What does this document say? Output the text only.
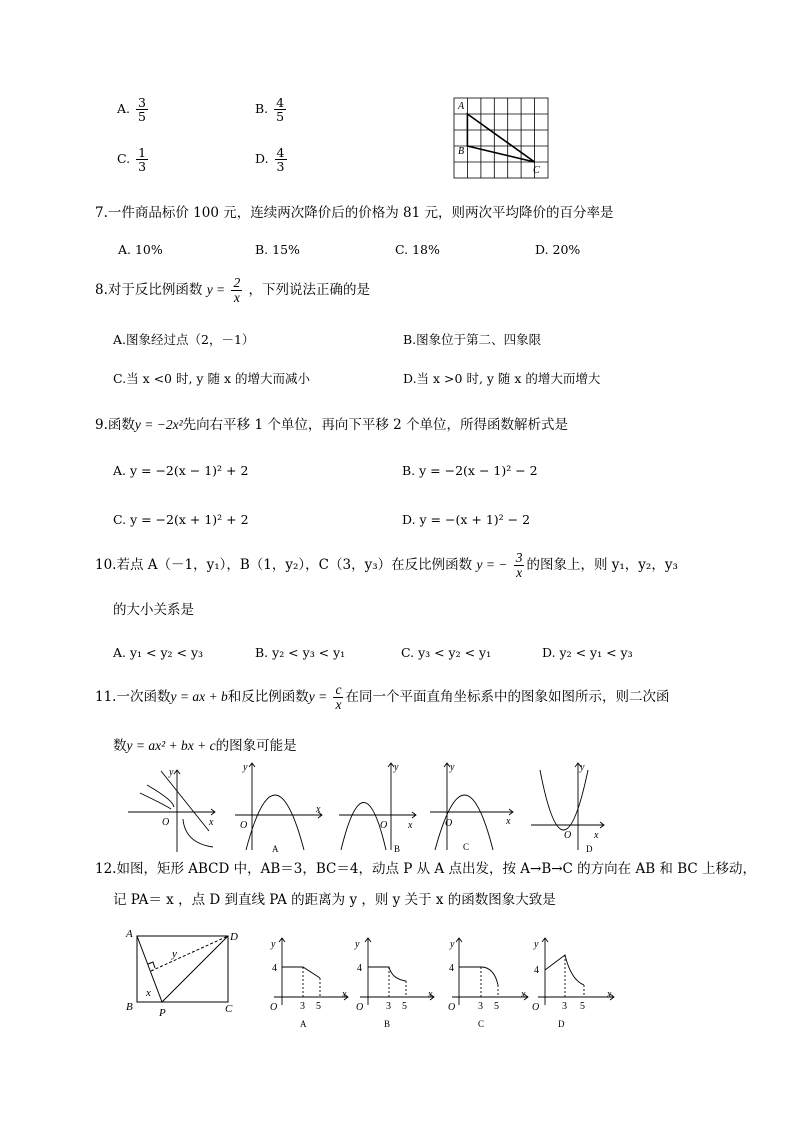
A. $\frac{3}{5}$	B. $\frac{4}{5}$
C. $\frac{1}{3}$	D. $\frac{4}{3}$
A
B
C
7.一件商品标价 100 元，连续两次降价后的价格为 81 元，则两次平均降价的百分率是
A. 10%	B. 15%	C. 18%	D. 20%
8.对于反比例函数 $y = \frac{2}{x}$ ，下列说法正确的是
A.图象经过点（2，－1）	B.图象位于第二、四象限
C.当 x <0 时, y 随 x 的增大而减小	D.当 x >0 时, y 随 x 的增大而增大
9.函数y = −2x²先向右平移 1 个单位，再向下平移 2 个单位，所得函数解析式是
A. y = −2(x − 1)² + 2	B. y = −2(x − 1)² − 2
C. y = −2(x + 1)² + 2	D. y = −(x + 1)² − 2
10.若点 A（－1，y₁），B（1，y₂），C（3，y₃）在反比例函数 y = − $\frac{3}{x}$ 的图象上，则 y₁，y₂，y₃
的大小关系是
A. y₁ < y₂ < y₃	B. y₂ < y₃ < y₁	C. y₃ < y₂ < y₁	D. y₂ < y₁ < y₃
11.一次函数y = ax + b和反比例函数$y = \frac{c}{x}$ 在同一个平面直角坐标系中的图象如图所示，则二次函
数y = ax² + bx + c的图象可能是
y
x
O
y
x
O
A
y
x
O
B
y
x
O
C
y
x
O
D
12.如图，矩形 ABCD 中，AB＝3，BC＝4，动点 P 从 A 点出发，按 A→B→C 的方向在 AB 和 BC 上移动，
记 PA＝ x ，点 D 到直线 PA 的距离为 y ，则 y 关于 x 的函数图象大致是
A
B	C
D
P
x
y
y
4
O 3 5
x
A
y
4
O 3 5
x
B
y
4
O 3 5
x
C
y
4
O 3 5
x
D
